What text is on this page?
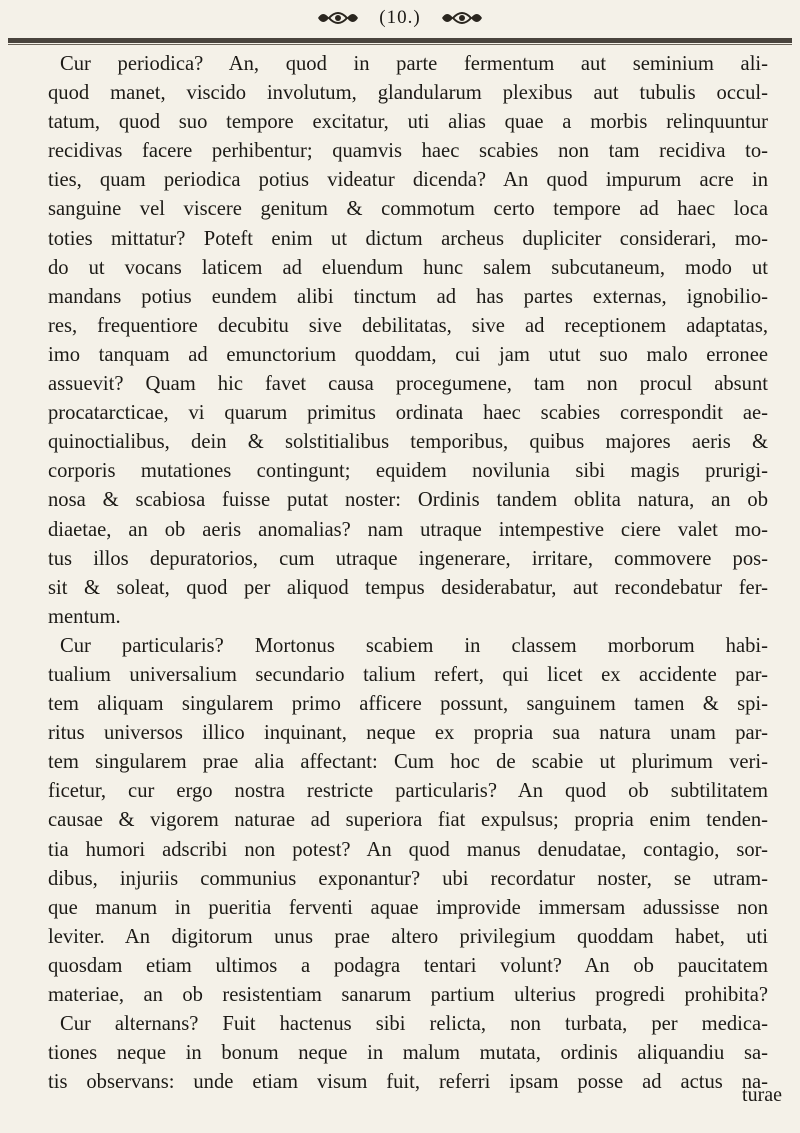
(10.)
Cur periodica? An, quod in parte fermentum aut seminium ali-
quod manet, viscido involutum, glandularum plexibus aut tubulis occul-
tatum, quod suo tempore excitatur, uti alias quae a morbis relinquuntur
recidivas facere perhibentur; quamvis haec scabies non tam recidiva to-
ties, quam periodica potius videatur dicenda? An quod impurum acre in
sanguine vel viscere genitum & commotum certo tempore ad haec loca
toties mittatur? Poteft enim ut dictum archeus dupliciter considerari, mo-
do ut vocans laticem ad eluendum hunc salem subcutaneum, modo ut
mandans potius eundem alibi tinctum ad has partes externas, ignobilio-
res, frequentiore decubitu sive debilitatas, sive ad receptionem adaptatas,
imo tanquam ad emunctorium quoddam, cui jam utut suo malo erronee
assuevit? Quam hic favet causa procegumene, tam non procul absunt
procatarcticae, vi quarum primitus ordinata haec scabies correspondit ae-
quinoctialibus, dein & solstitialibus temporibus, quibus majores aeris &
corporis mutationes contingunt; equidem novilunia sibi magis prurigi-
nosa & scabiosa fuisse putat noster: Ordinis tandem oblita natura, an ob
diaetae, an ob aeris anomalias? nam utraque intempestive ciere valet mo-
tus illos depuratorios, cum utraque ingenerare, irritare, commovere pos-
sit & soleat, quod per aliquod tempus desiderabatur, aut recondebatur fer-
mentum.
Cur particularis? Mortonus scabiem in classem morborum habi-
tualium universalium secundario talium refert, qui licet ex accidente par-
tem aliquam singularem primo afficere possunt, sanguinem tamen & spi-
ritus universos illico inquinant, neque ex propria sua natura unam par-
tem singularem prae alia affectant: Cum hoc de scabie ut plurimum veri-
ficetur, cur ergo nostra restricte particularis? An quod ob subtilitatem
causae & vigorem naturae ad superiora fiat expulsus; propria enim tenden-
tia humori adscribi non potest? An quod manus denudatae, contagio, sor-
dibus, injuriis communius exponantur? ubi recordatur noster, se utram-
que manum in pueritia ferventi aquae improvide immersam adussisse non
leviter. An digitorum unus prae altero privilegium quoddam habet, uti
quosdam etiam ultimos a podagra tentari volunt? An ob paucitatem
materiae, an ob resistentiam sanarum partium ulterius progredi prohibita?
Cur alternans? Fuit hactenus sibi relicta, non turbata, per medica-
tiones neque in bonum neque in malum mutata, ordinis aliquandiu sa-
tis observans: unde etiam visum fuit, referri ipsam posse ad actus na-
turae
